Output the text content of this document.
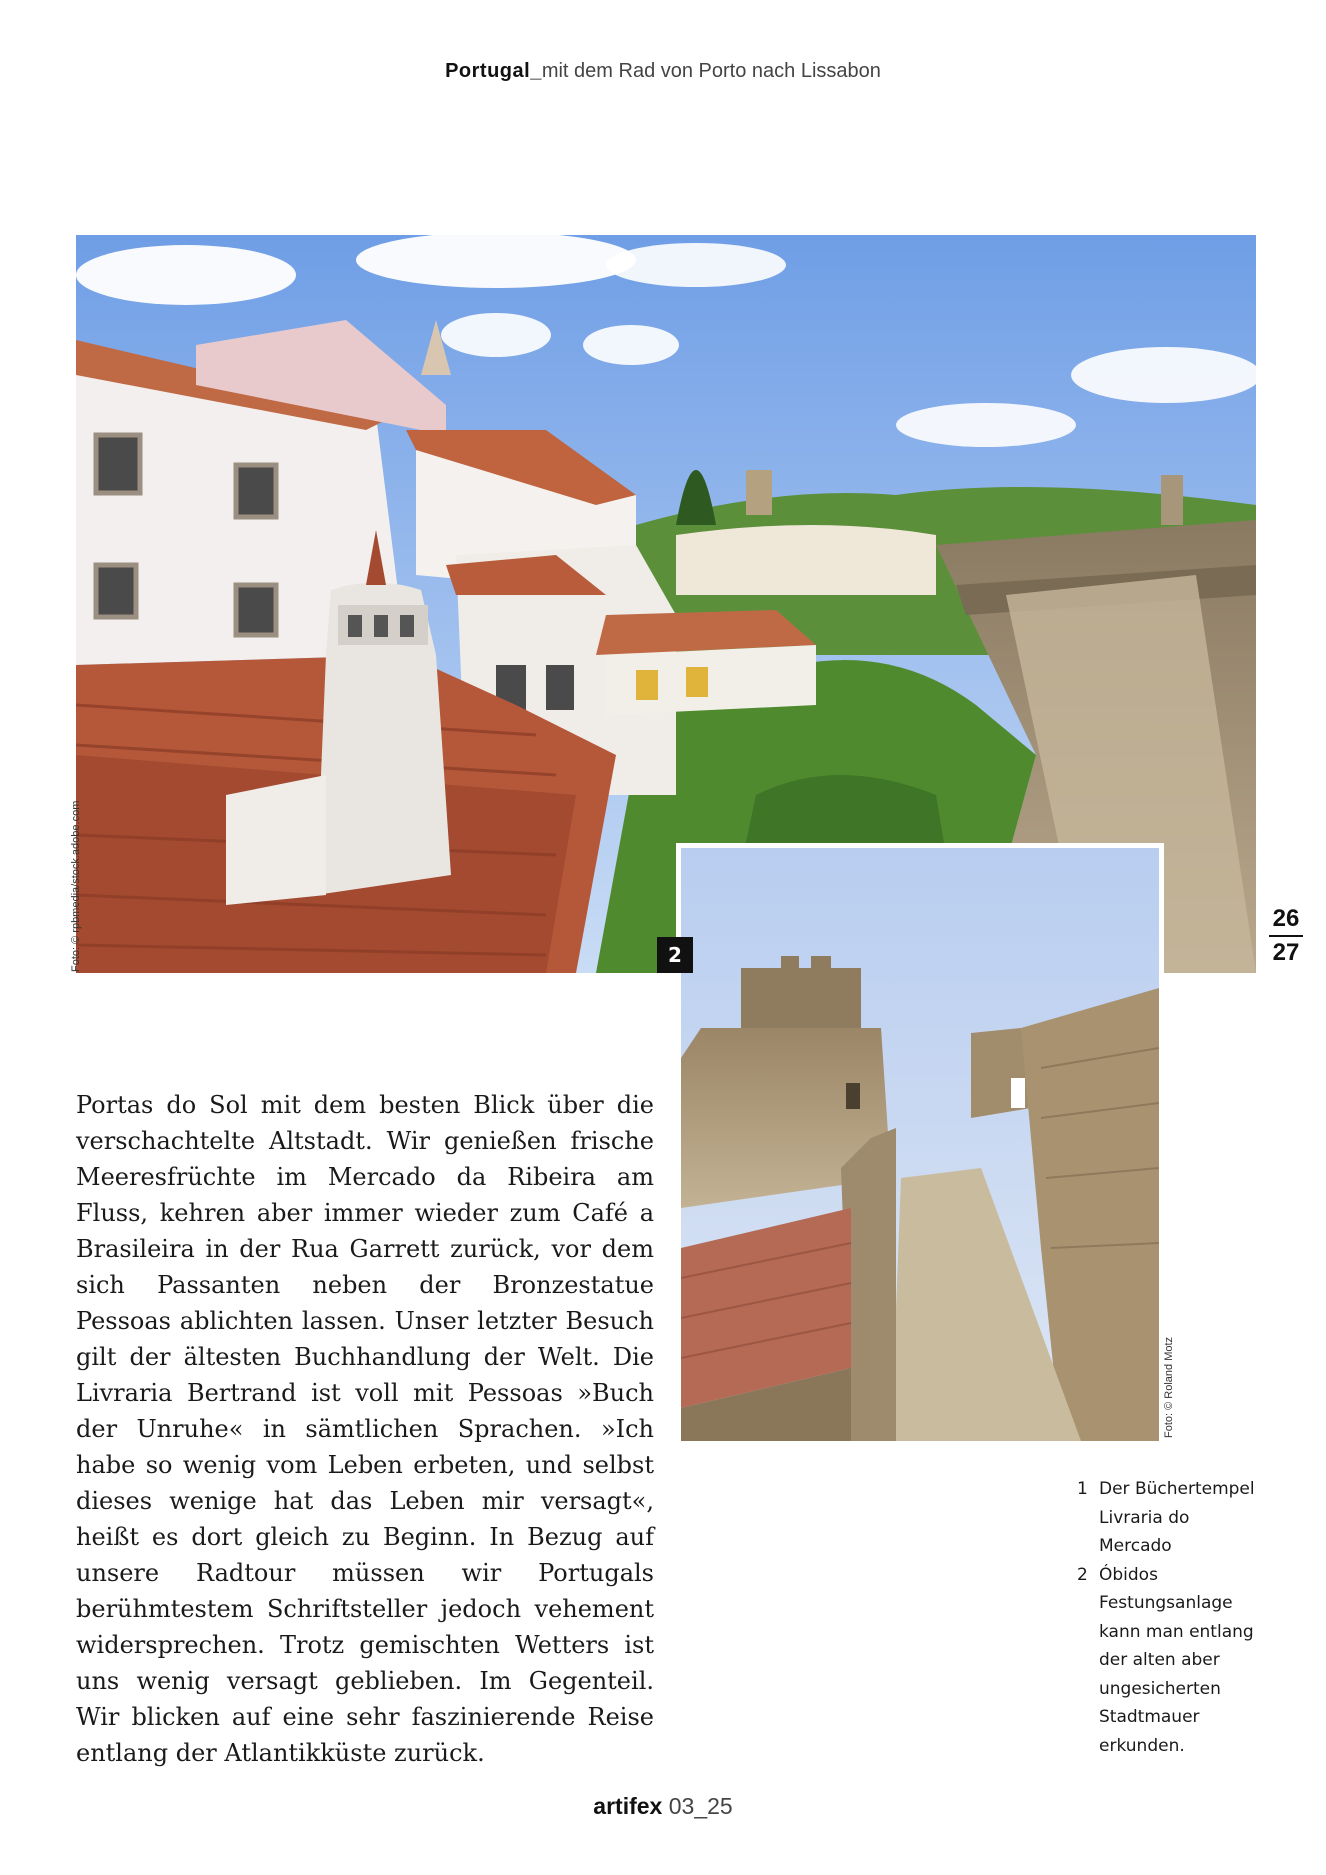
Portugal_mit dem Rad von Porto nach Lissabon
2
Foto: © rpbmedia/stock.adobe.com
Foto: © Roland Motz
26
27

Portas do Sol mit dem besten Blick über die verschachtelte Altstadt. Wir genießen frische Meeresfrüchte im Mercado da Ribeira am Fluss, kehren aber immer wieder zum Café a Brasileira in der Rua Garrett zurück, vor dem sich Passanten neben der Bronzestatue Pessoas ablichten lassen. Unser letzter Besuch gilt der ältesten Buchhandlung der Welt. Die Livraria Bertrand ist voll mit Pessoas »Buch der Unruhe« in sämtlichen Sprachen. »Ich habe so wenig vom Leben erbeten, und selbst dieses wenige hat das Leben mir versagt«, heißt es dort gleich zu Beginn. In Bezug auf unsere Radtour müssen wir Portugals berühmtestem Schriftsteller jedoch vehement widersprechen. Trotz gemischten Wetters ist uns wenig versagt geblieben. Im Gegenteil. Wir blicken auf eine sehr faszinierende Reise entlang der Atlantikküste zurück.

1 Der Büchertempel Livraria do Mercado
2 Óbidos Festungsanlage kann man entlang der alten aber ungesicherten Stadtmauer erkunden.
artifex 03_25
